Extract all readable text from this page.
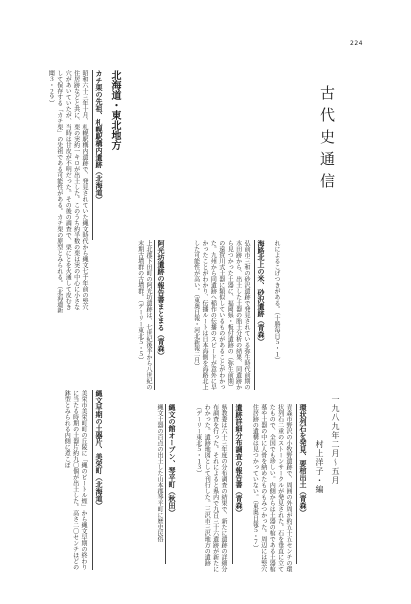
224
古代史通信
一九八九年二月～五月
村上洋子・編
環状列石を発見、要棺出土（青森）
青森市野沢の小牧野遺跡で、周囲の外周が約五十五センチの環状列石二重のストーンサークルが発見された。石を垂直に立てたもので、全国でも珍しい。内側からは土器の棺である土器棺墓や土器の中に人骨を納めたものもみつかった。周辺には竪穴住居跡の遺構は見つかっていない。（東奥日報５・７）
遺跡詳細分布調査の報告書（青森）
県教委は六十三年度の分布調査の結果で、新たに遺跡の詳細分布調査を行った。それによると県内で九百三十六遺跡が新たにわかった。遺跡地図として刊行した。三沢市三沢地方の遺跡（デーリー東北５・１３）
縄文の館オープン、琴平町（秋田）
縄文土器の百点の出土した山本郡琴平町に歴史民俗
れによるこげつきがある。（十勝毎日５・１）
海路北上の米、砂沢遺跡（青森）
弘前市三和の砂沢遺跡で発見されている弥生時代前期の水田跡から、出土した土器の胎土分析の結果、同遺跡から見つかった土器に、福岡県・板付遺跡の（弥生前期）の遠賀川式土器に類似しているものがあることがわかった。九州から同遺跡へ稲作の伝播のスピードが意外に早かったことがわかり、伝播ルートは日本海側を海路北上した可能性が高い。（東奥日報・河北新報二月）
阿光坊遺跡の報告書まとまる（青森）
上北郡下田町の阿光坊遺跡は、七世紀後半から八世紀の末期古墳群の古墳群。（デーリー東北５・５）
北海道・東北地方
カチ栗の先祖、札幌駅構内遺跡（北海道）
昭和六十三年十月、札幌駅構内遺跡で、発見されていた縄文時代から縄文七千年前の竪穴住居跡などと共に、栗の実約一キロが出土した。このうち約半数の栗は実の中心に小さな穴があいていたが、当時は甘皮が不明だった。その後の調査で、栗にとを火通して皮むきして保存する「カチ栗」の先祖である可能性がある。カチ栗の原型とみられる。（北海道新聞３・２９）
縄文早期の土器片、美栄町（北海道）
美栄市美栄町町の丘陵に「縄のビートル煙」から縄文早期の終わりに当たる時期の土器片約九〇個が出土した。高さ二〇センチほどの鉢型とみられる内側に煮こぼ
